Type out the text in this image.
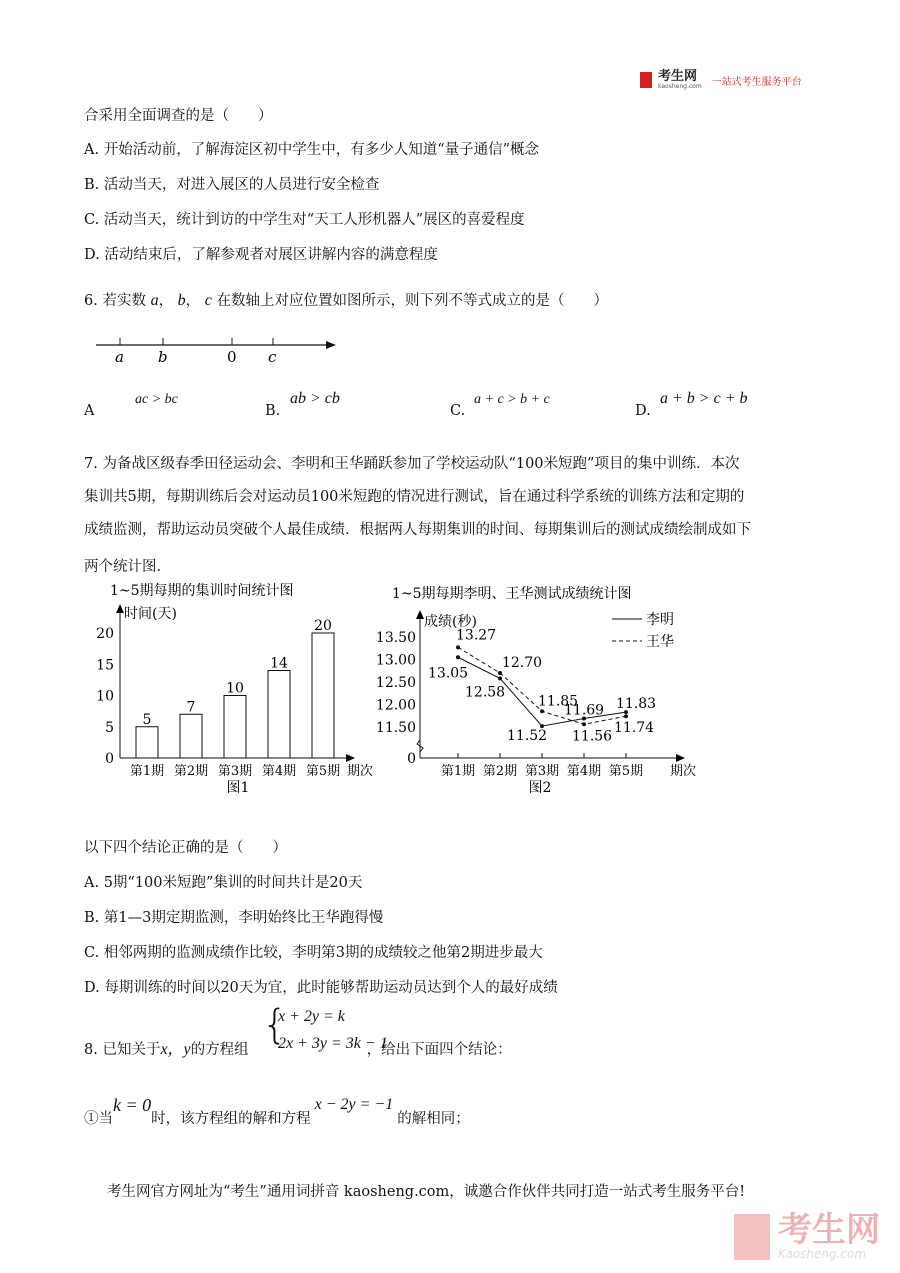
考生网
kaosheng.com 一站式考生服务平台
合采用全面调查的是（　　）
A. 开始活动前，了解海淀区初中学生中，有多少人知道“量子通信”概念
B. 活动当天，对进入展区的人员进行安全检查
C. 活动当天，统计到访的中学生对“天工人形机器人”展区的喜爱程度
D. 活动结束后，了解参观者对展区讲解内容的满意程度
6. 若实数 a， b， c 在数轴上对应位置如图所示，则下列不等式成立的是（　　）
a b	0 c
A
ac > bc
B.
ab > cb
C.
a + c > b + c
D.
a + b > c + b
7. 为备战区级春季田径运动会、李明和王华踊跃参加了学校运动队“100米短跑”项目的集中训练．本次
集训共5期，每期训练后会对运动员100米短跑的情况进行测试，旨在通过科学系统的训练方法和定期的
成绩监测，帮助运动员突破个人最佳成绩．根据两人每期集训的时间、每期集训后的测试成绩绘制成如下
两个统计图．
1~5期每期的集训时间统计图
时间(天)
0
5
10
15
20
5
第1期
7
第2期
10
第3期
14
第4期
20
第5期 期次
图1
1~5期每期李明、王华测试成绩统计图
成绩(秒)
0
11.50
12.00
12.50
13.00
13.50
第1期 第2期 第3期 第4期 第5期 期次
图2
13.05
12.58
11.52
11.69 11.83
李明
13.27
12.70
11.85
11.56
11.74
王华
以下四个结论正确的是（　　）
A. 5期“100米短跑”集训的时间共计是20天
B. 第1—3期定期监测，李明始终比王华跑得慢
C. 相邻两期的监测成绩作比较，李明第3期的成绩较之他第2期进步最大
D. 每期训练的时间以20天为宜，此时能够帮助运动员达到个人的最好成绩
8. 已知关于x，y的方程组	，给出下面四个结论：
{
x + 2y = k
2x + 3y = 3k − 1
①当k = 0时，该方程组的解和方程x − 2y = −1的解相同；
考生网官方网址为“考生”通用词拼音 kaosheng.com，诚邀合作伙伴共同打造一站式考生服务平台!
考生网
Kaosheng.com
